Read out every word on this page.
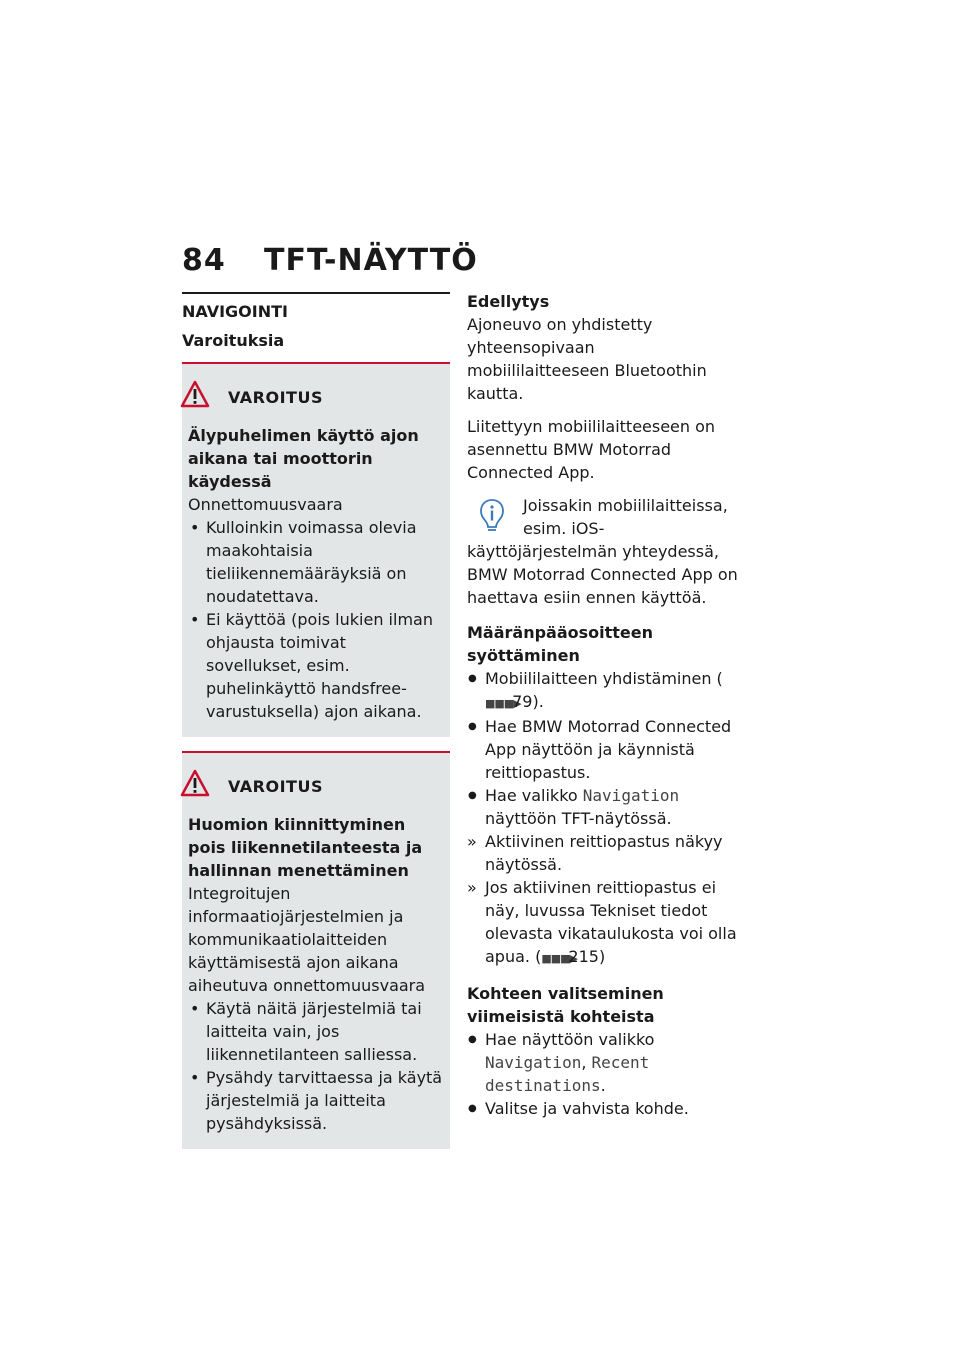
84 TFT-NÄYTTÖ
NAVIGOINTI
Varoituksia
VAROITUS
Älypuhelimen käyttö ajon aikana tai moottorin käydessä
Onnettomuusvaara
• Kulloinkin voimassa olevia maakohtaisia tieliikennemääräyksiä on noudatettava.
• Ei käyttöä (pois lukien ilman ohjausta toimivat sovellukset, esim. puhelinkäyttö handsfree-varustuksella) ajon aikana.
VAROITUS
Huomion kiinnittyminen pois liikennetilanteesta ja hallinnan menettäminen
Integroitujen informaatiojärjestelmien ja kommunikaatiolaitteiden käyttämisestä ajon aikana aiheutuva onnettomuusvaara
• Käytä näitä järjestelmiä tai laitteita vain, jos liikennetilanteen salliessa.
• Pysähdy tarvittaessa ja käytä järjestelmiä ja laitteita pysähdyksissä.
Edellytys
Ajoneuvo on yhdistetty yhteensopivaan mobiililaitteeseen Bluetoothin kautta.
Liitettyyn mobiililaitteeseen on asennettu BMW Motorrad Connected App.
Joissakin mobiililaitteissa, esim. iOS-käyttöjärjestelmän yhteydessä, BMW Motorrad Connected App on haettava esiin ennen käyttöä.
Määränpääosoitteen syöttäminen
● Mobiililaitteen yhdistäminen (■■■▶ 79).
● Hae BMW Motorrad Connected App näyttöön ja käynnistä reittiopastus.
● Hae valikko Navigation näyttöön TFT-näytössä.
» Aktiivinen reittiopastus näkyy näytössä.
» Jos aktiivinen reittiopastus ei näy, luvussa Tekniset tiedot olevasta vikataulukosta voi olla apua. (■■■▶ 215)
Kohteen valitseminen viimeisistä kohteista
● Hae näyttöön valikko Navigation, Recent destinations.
● Valitse ja vahvista kohde.
